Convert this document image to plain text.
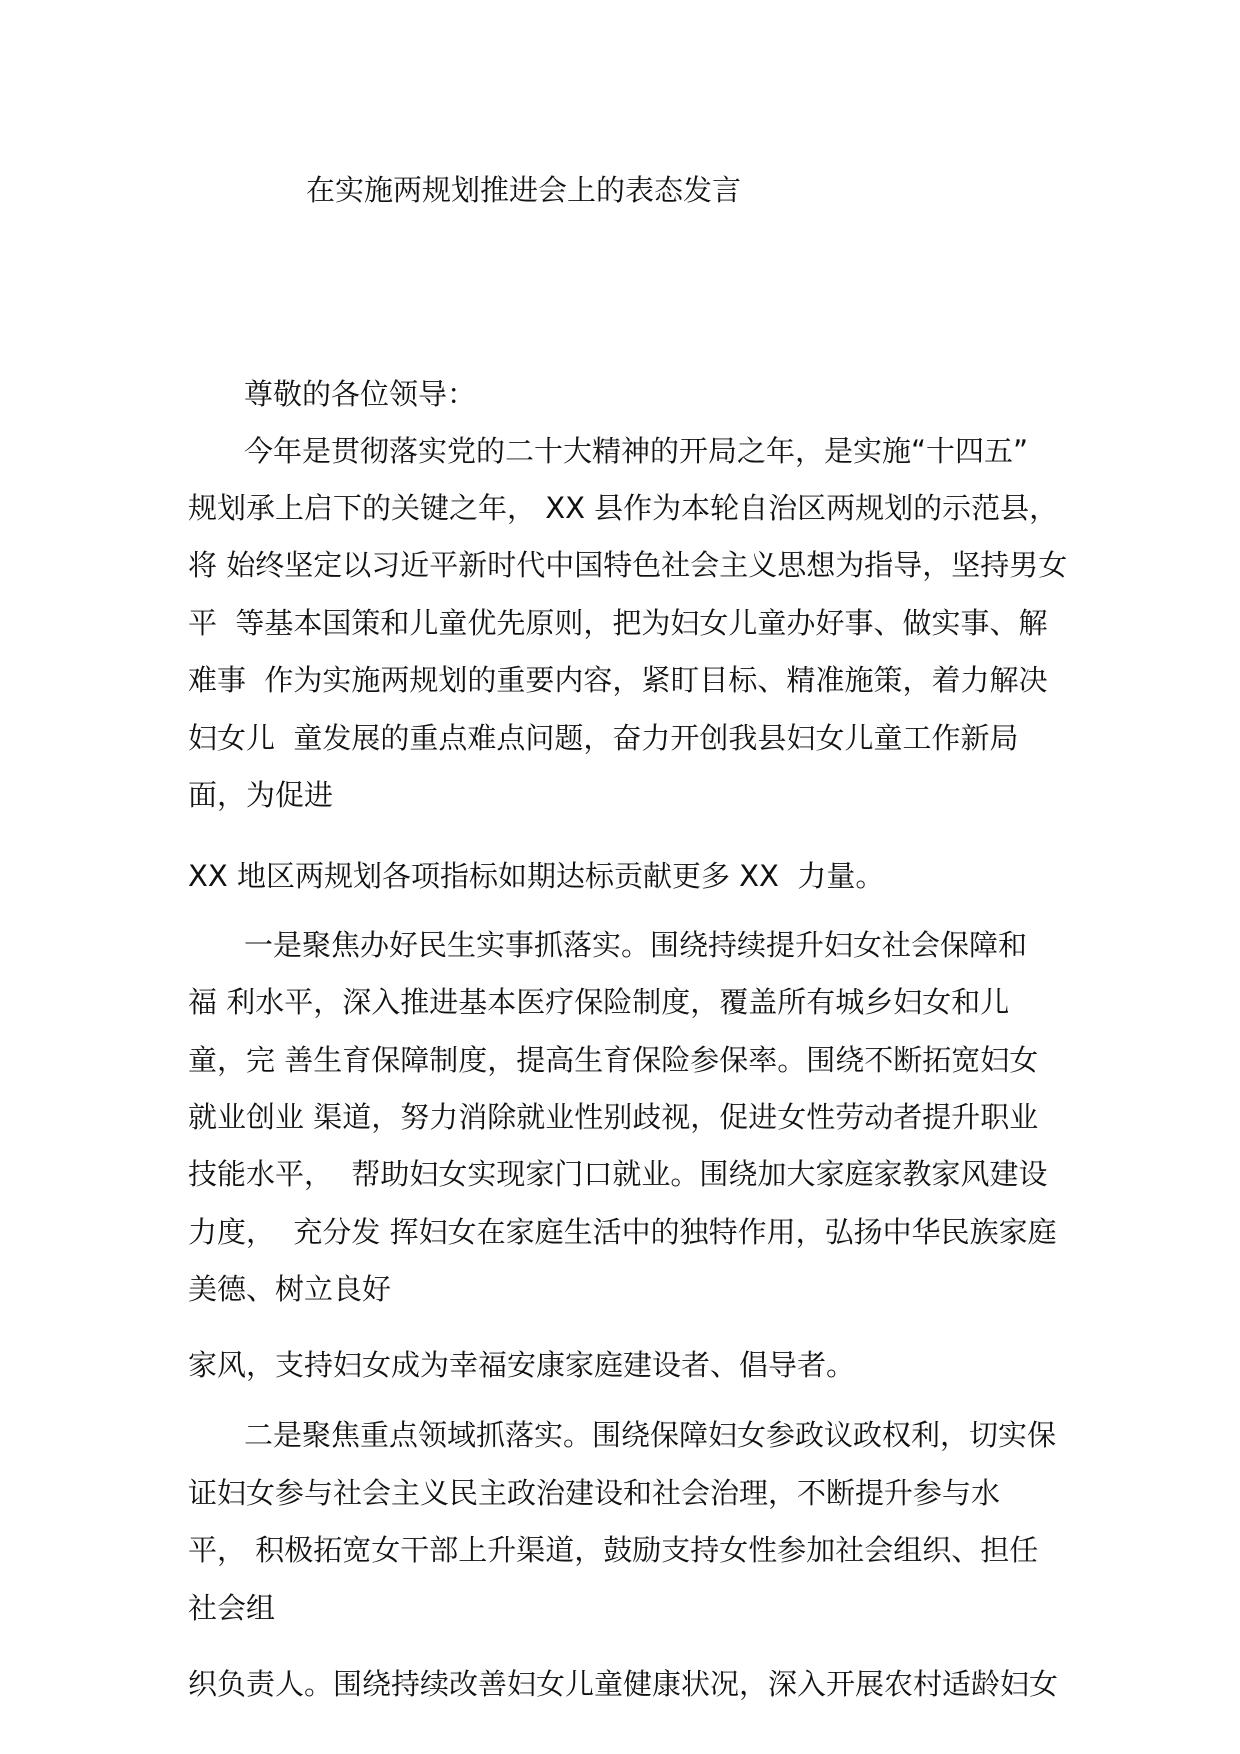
在实施两规划推进会上的表态发言
尊敬的各位领导：
今年是贯彻落实党的二十大精神的开局之年，是实施“十四五”
规划承上启下的关键之年， XX 县作为本轮自治区两规划的示范县，
将 始终坚定以习近平新时代中国特色社会主义思想为指导，坚持男女
平  等基本国策和儿童优先原则，把为妇女儿童办好事、做实事、解
难事  作为实施两规划的重要内容，紧盯目标、精准施策，着力解决
妇女儿  童发展的重点难点问题，奋力开创我县妇女儿童工作新局
面，为促进
XX 地区两规划各项指标如期达标贡献更多 XX  力量。
一是聚焦办好民生实事抓落实。围绕持续提升妇女社会保障和
福 利水平，深入推进基本医疗保险制度，覆盖所有城乡妇女和儿
童，完 善生育保障制度，提高生育保险参保率。围绕不断拓宽妇女
就业创业 渠道，努力消除就业性别歧视，促进女性劳动者提升职业
技能水平，  帮助妇女实现家门口就业。围绕加大家庭家教家风建设
力度，  充分发 挥妇女在家庭生活中的独特作用，弘扬中华民族家庭
美德、树立良好
家风，支持妇女成为幸福安康家庭建设者、倡导者。
二是聚焦重点领域抓落实。围绕保障妇女参政议政权利，切实保
证妇女参与社会主义民主政治建设和社会治理，不断提升参与水
平， 积极拓宽女干部上升渠道，鼓励支持女性参加社会组织、担任
社会组
织负责人。围绕持续改善妇女儿童健康状况，深入开展农村适龄妇女
